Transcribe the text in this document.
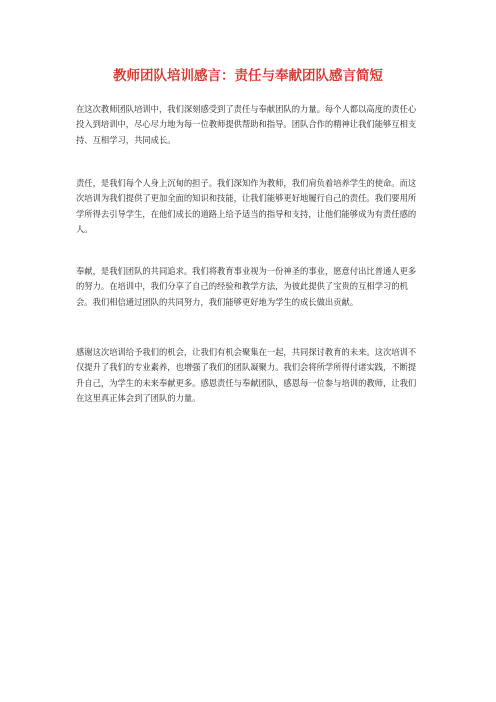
教师团队培训感言：责任与奉献团队感言简短

在这次教师团队培训中，我们深刻感受到了责任与奉献团队的力量。每个人都以高度的责任心投入到培训中，尽心尽力地为每一位教师提供帮助和指导。团队合作的精神让我们能够互相支持、互相学习，共同成长。

责任，是我们每个人身上沉甸的担子。我们深知作为教师，我们肩负着培养学生的使命。而这次培训为我们提供了更加全面的知识和技能，让我们能够更好地履行自己的责任。我们要用所学所得去引导学生，在他们成长的道路上给予适当的指导和支持，让他们能够成为有责任感的人。

奉献，是我们团队的共同追求。我们将教育事业视为一份神圣的事业，愿意付出比普通人更多的努力。在培训中，我们分享了自己的经验和教学方法，为彼此提供了宝贵的互相学习的机会。我们相信通过团队的共同努力，我们能够更好地为学生的成长做出贡献。

感谢这次培训给予我们的机会，让我们有机会聚集在一起，共同探讨教育的未来。这次培训不仅提升了我们的专业素养，也增强了我们的团队凝聚力。我们会将所学所得付诸实践，不断提升自己，为学生的未来奉献更多。感恩责任与奉献团队，感恩每一位参与培训的教师，让我们在这里真正体会到了团队的力量。
